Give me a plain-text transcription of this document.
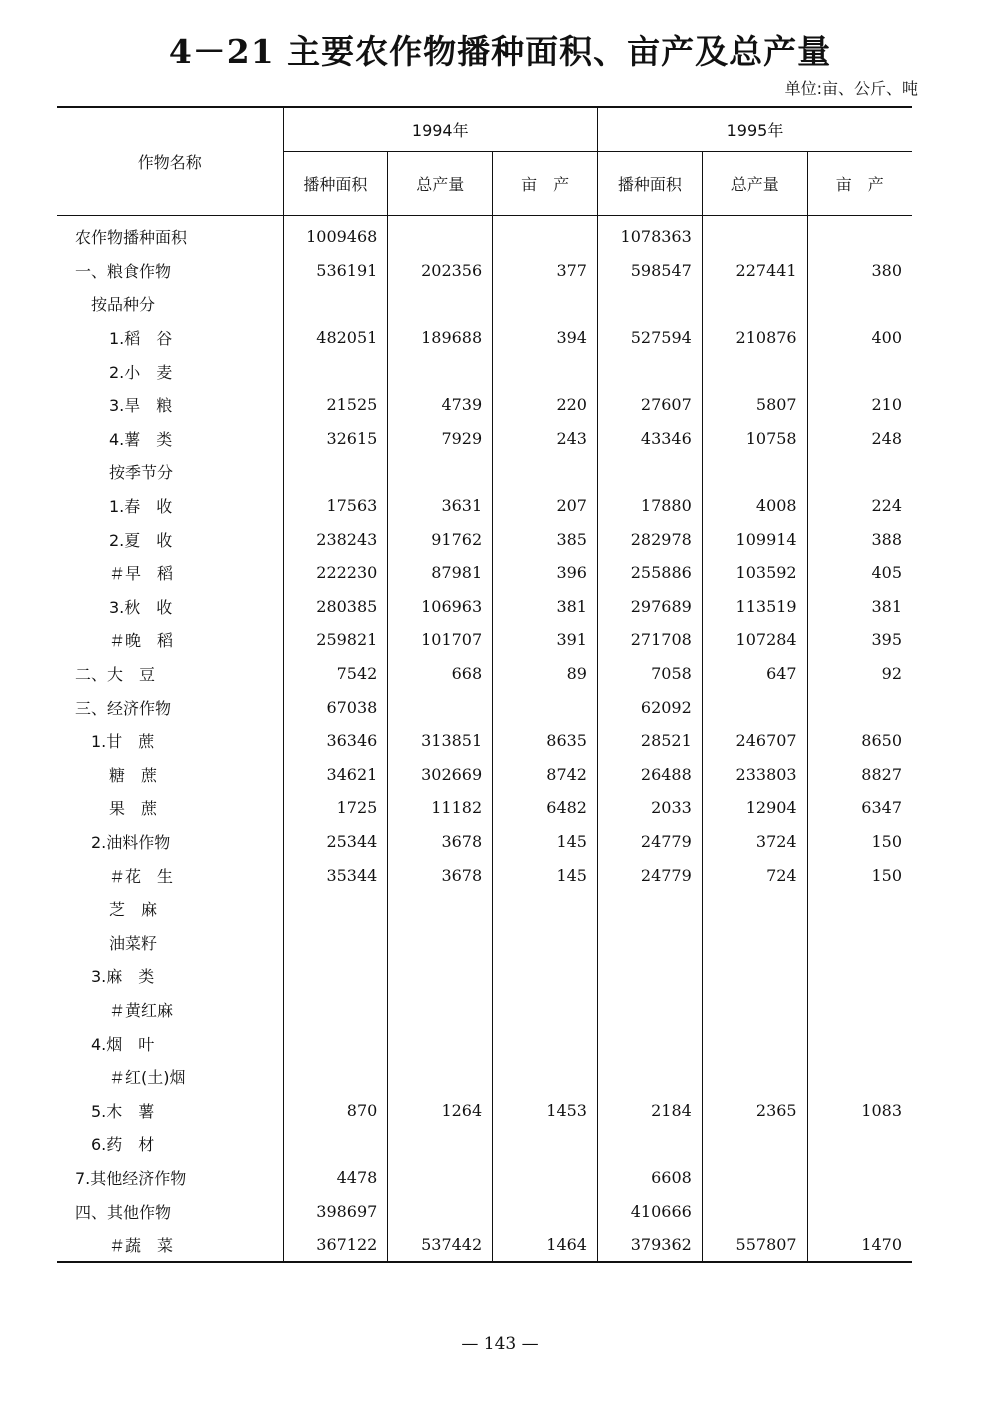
4－21 主要农作物播种面积、亩产及总产量
单位:亩、公斤、吨
作物名称	1994年			1995年		
	播种面积	总产量	亩　产	播种面积	总产量	亩　产
农作物播种面积	1009468			1078363		
一、粮食作物	536191	202356	377	598547	227441	380
按品种分						
1.稻　谷	482051	189688	394	527594	210876	400
2.小　麦						
3.旱　粮	21525	4739	220	27607	5807	210
4.薯　类	32615	7929	243	43346	10758	248
按季节分						
1.春　收	17563	3631	207	17880	4008	224
2.夏　收	238243	91762	385	282978	109914	388
＃早　稻	222230	87981	396	255886	103592	405
3.秋　收	280385	106963	381	297689	113519	381
＃晚　稻	259821	101707	391	271708	107284	395
二、大　豆	7542	668	89	7058	647	92
三、经济作物	67038			62092		
1.甘　蔗	36346	313851	8635	28521	246707	8650
糖　蔗	34621	302669	8742	26488	233803	8827
果　蔗	1725	11182	6482	2033	12904	6347
2.油料作物	25344	3678	145	24779	3724	150
＃花　生	35344	3678	145	24779	724	150
芝　麻						
油菜籽						
3.麻　类						
＃黄红麻						
4.烟　叶						
＃红(土)烟						
5.木　薯	870	1264	1453	2184	2365	1083
6.药　材						
7.其他经济作物	4478			6608		
四、其他作物	398697			410666		
＃蔬　菜	367122	537442	1464	379362	557807	1470
— 143 —
